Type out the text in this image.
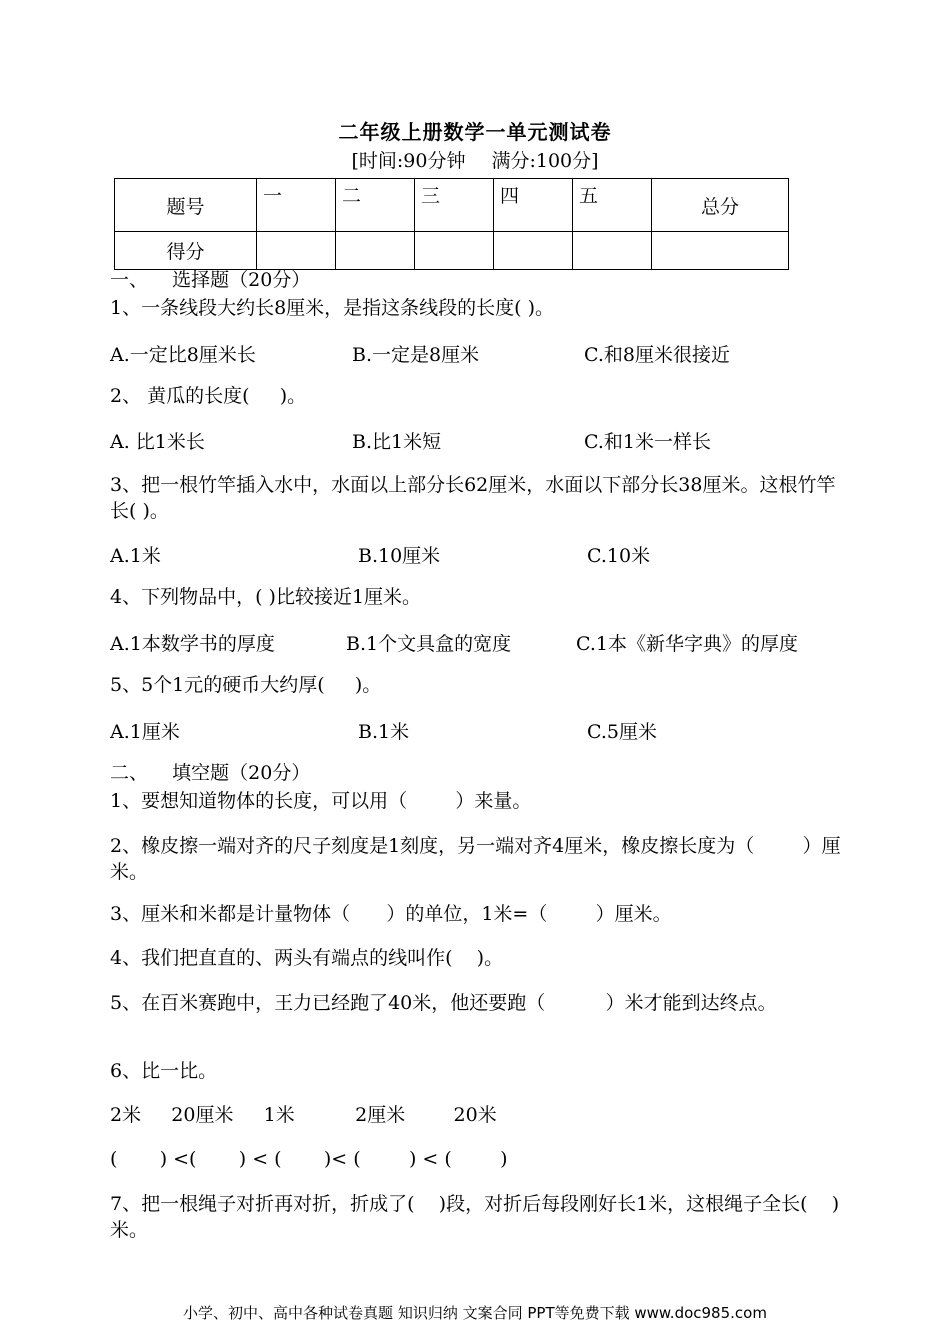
二年级上册数学一单元测试卷
[时间:90分钟 满分:100分]
题号	一	二	三	四	五	总分
得分						
一、    选择题（20分）
1、一条线段大约长8厘米，是指这条线段的长度( )。
A.一定比8厘米长	B.一定是8厘米	C.和8厘米很接近
2、 黄瓜的长度(     )。
A. 比1米长	B.比1米短	C.和1米一样长
3、把一根竹竿插入水中，水面以上部分长62厘米，水面以下部分长38厘米。这根竹竿长( )。
A.1米	B.10厘米	C.10米
4、下列物品中，( )比较接近1厘米。
A.1本数学书的厚度	B.1个文具盒的宽度	C.1本《新华字典》的厚度
5、5个1元的硬币大约厚(     )。
A.1厘米	B.1米	C.5厘米
二、    填空题（20分）
1、要想知道物体的长度，可以用（        ）来量。
2、橡皮擦一端对齐的尺子刻度是1刻度，另一端对齐4厘米，橡皮擦长度为（        ）厘米。
3、厘米和米都是计量物体（      ）的单位，1米=（        ）厘米。
4、我们把直直的、两头有端点的线叫作(    )。
5、在百米赛跑中，王力已经跑了40米，他还要跑（          ）米才能到达终点。
6、比一比。
2米     20厘米     1米          2厘米        20米
(       ) <(       ) < (       )< (        ) < (        )
7、把一根绳子对折再对折，折成了(    )段，对折后每段刚好长1米，这根绳子全长(    )米。
小学、初中、高中各种试卷真题 知识归纳 文案合同 PPT等免费下载 www.doc985.com
